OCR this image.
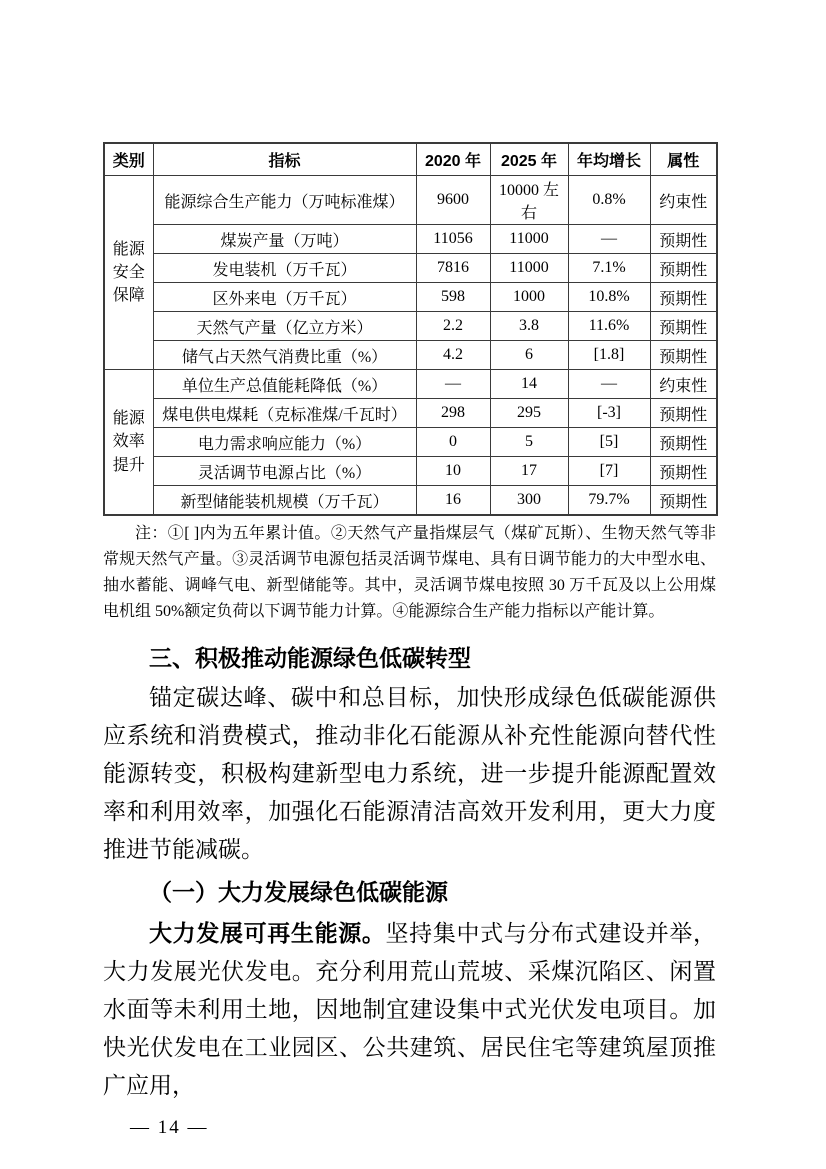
类别	指标	2020 年	2025 年	年均增长	属性

能源安全保障	能源综合生产能力（万吨标准煤）	9600	10000 左右	0.8%	约束性
	煤炭产量（万吨）	11056	11000	—	预期性
	发电装机（万千瓦）	7816	11000	7.1%	预期性
	区外来电（万千瓦）	598	1000	10.8%	预期性
	天然气产量（亿立方米）	2.2	3.8	11.6%	预期性
	储气占天然气消费比重（%）	4.2	6	[1.8]	预期性

能源效率提升	单位生产总值能耗降低（%）	—	14	—	约束性
	煤电供电煤耗（克标准煤/千瓦时）	298	295	[-3]	预期性
	电力需求响应能力（%）	0	5	[5]	预期性
	灵活调节电源占比（%）	10	17	[7]	预期性
	新型储能装机规模（万千瓦）	16	300	79.7%	预期性

注：①[ ]内为五年累计值。②天然气产量指煤层气（煤矿瓦斯）、生物天然气等非常规天然气产量。③灵活调节电源包括灵活调节煤电、具有日调节能力的大中型水电、抽水蓄能、调峰气电、新型储能等。其中，灵活调节煤电按照 30 万千瓦及以上公用煤电机组 50%额定负荷以下调节能力计算。④能源综合生产能力指标以产能计算。

三、积极推动能源绿色低碳转型

锚定碳达峰、碳中和总目标，加快形成绿色低碳能源供应系统和消费模式，推动非化石能源从补充性能源向替代性能源转变，积极构建新型电力系统，进一步提升能源配置效率和利用效率，加强化石能源清洁高效开发利用，更大力度推进节能减碳。

（一）大力发展绿色低碳能源

大力发展可再生能源。坚持集中式与分布式建设并举，大力发展光伏发电。充分利用荒山荒坡、采煤沉陷区、闲置水面等未利用土地，因地制宜建设集中式光伏发电项目。加快光伏发电在工业园区、公共建筑、居民住宅等建筑屋顶推广应用，

— 14 —
